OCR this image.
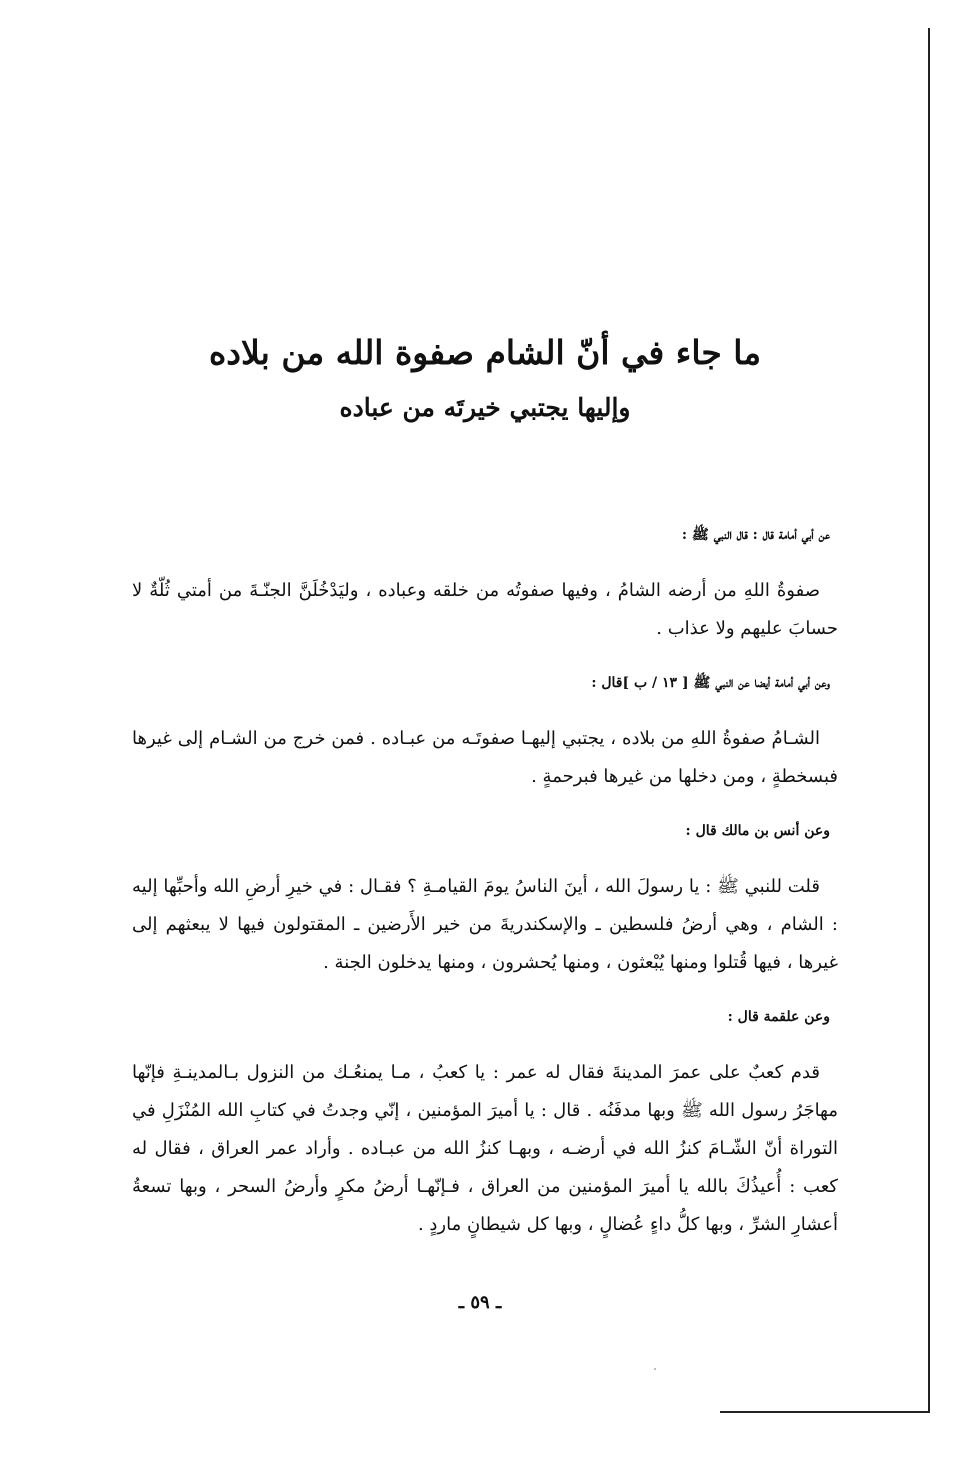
ما جاء في أنّ الشام صفوة الله من بلاده
وإليها يجتبي خيرتَه من عباده

عن أبي أمامة قال : قال النبي ﷺ :

صفوةُ اللهِ من أرضه الشامُ ، وفيها صفوتُه من خلقه وعباده ، وليَدْخُلَنَّ الجنّـةَ من أمتي ثُلّةٌ لا حسابَ عليهم ولا عذاب .

وعن أبي أمامة أيضا عن النبي ﷺ [ ١٣ / ب ]قال :

الشـامُ صفوةُ اللهِ من بلاده ، يجتبي إليهـا صفوتَـه من عبـاده . فمن خرج من الشـام إلى غيرها فبسخطةٍ ، ومن دخلها من غيرها فبرحمةٍ .

وعن أنس بن مالك قال :

قلت للنبي ﷺ : يا رسولَ الله ، أينَ الناسُ يومَ القيامـةِ ؟ فقـال : في خيرِ أرضِ الله وأحبِّها إليه : الشام ، وهي أرضُ فلسطين ـ والإسكندريةَ من خير الأَرضين ـ المقتولون فيها لا يبعثهم إلى غيرها ، فيها قُتلوا ومنها يُبْعثون ، ومنها يُحشرون ، ومنها يدخلون الجنة .

وعن علقمة قال :

قدم كعبٌ على عمرَ المدينةَ فقال له عمر : يا كعبُ ، مـا يمنعُـك من النزول بـالمدينـةِ فإنّها مهاجَرُ رسول الله ﷺ وبها مدفَنُه . قال : يا أميرَ المؤمنين ، إنّي وجدتُ في كتابِ الله المُنْزَلِ في التوراة أنّ الشّـامَ كنزُ الله في أرضـه ، وبهـا كنزُ الله من عبـاده . وأراد عمر العراق ، فقال له كعب : أُعيذُكَ بالله يا أميرَ المؤمنين من العراق ، فـإنّهـا أرضُ مكرٍ وأرضُ السحر ، وبها تسعةُ أعشارِ الشرِّ ، وبها كلُّ داءٍ عُضالٍ ، وبها كل شيطانٍ ماردٍ .

ـ ٥٩ ـ
